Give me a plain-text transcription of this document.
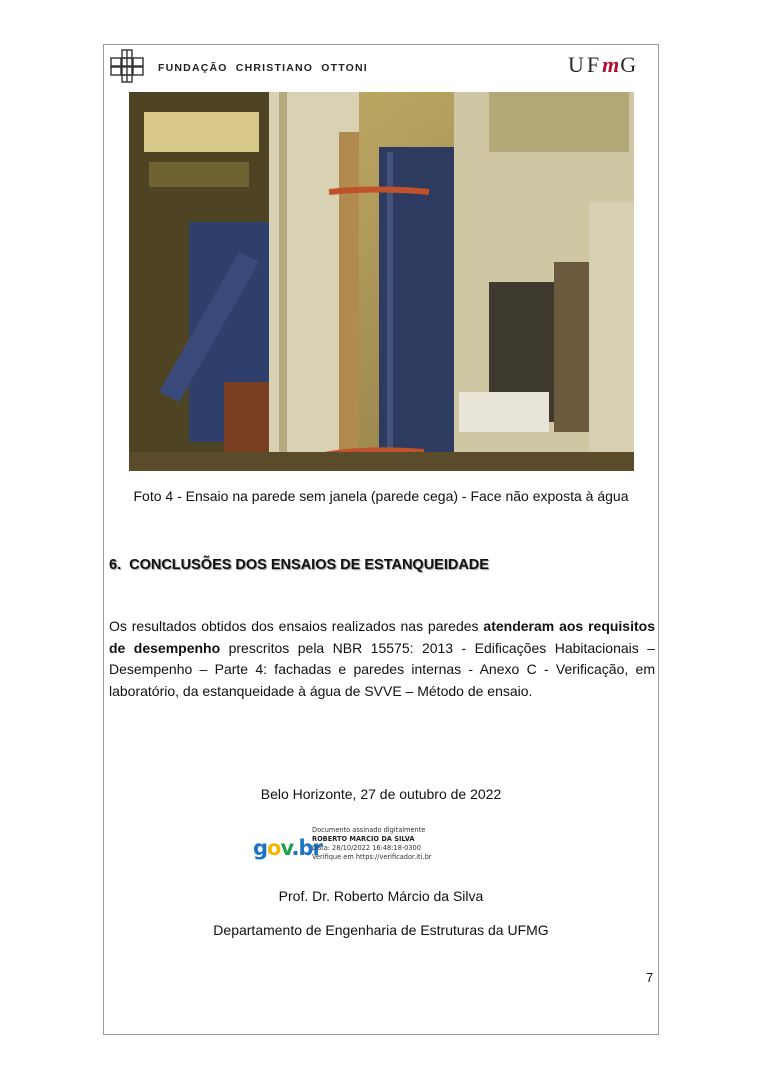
FUNDAÇÃO CHRISTIANO OTTONI	UFmG
Foto 4 - Ensaio na parede sem janela (parede cega) - Face não exposta à água
6. CONCLUSÕES DOS ENSAIOS DE ESTANQUEIDADE
Os resultados obtidos dos ensaios realizados nas paredes atenderam aos requisitos de desempenho prescritos pela NBR 15575: 2013 - Edificações Habitacionais – Desempenho – Parte 4: fachadas e paredes internas - Anexo C - Verificação, em laboratório, da estanqueidade à água de SVVE – Método de ensaio.
Belo Horizonte, 27 de outubro de 2022
gov.br
Documento assinado digitalmente
ROBERTO MARCIO DA SILVA
Data: 28/10/2022 16:48:18-0300
Verifique em https://verificador.iti.br
Prof. Dr. Roberto Márcio da Silva
Departamento de Engenharia de Estruturas da UFMG
7
